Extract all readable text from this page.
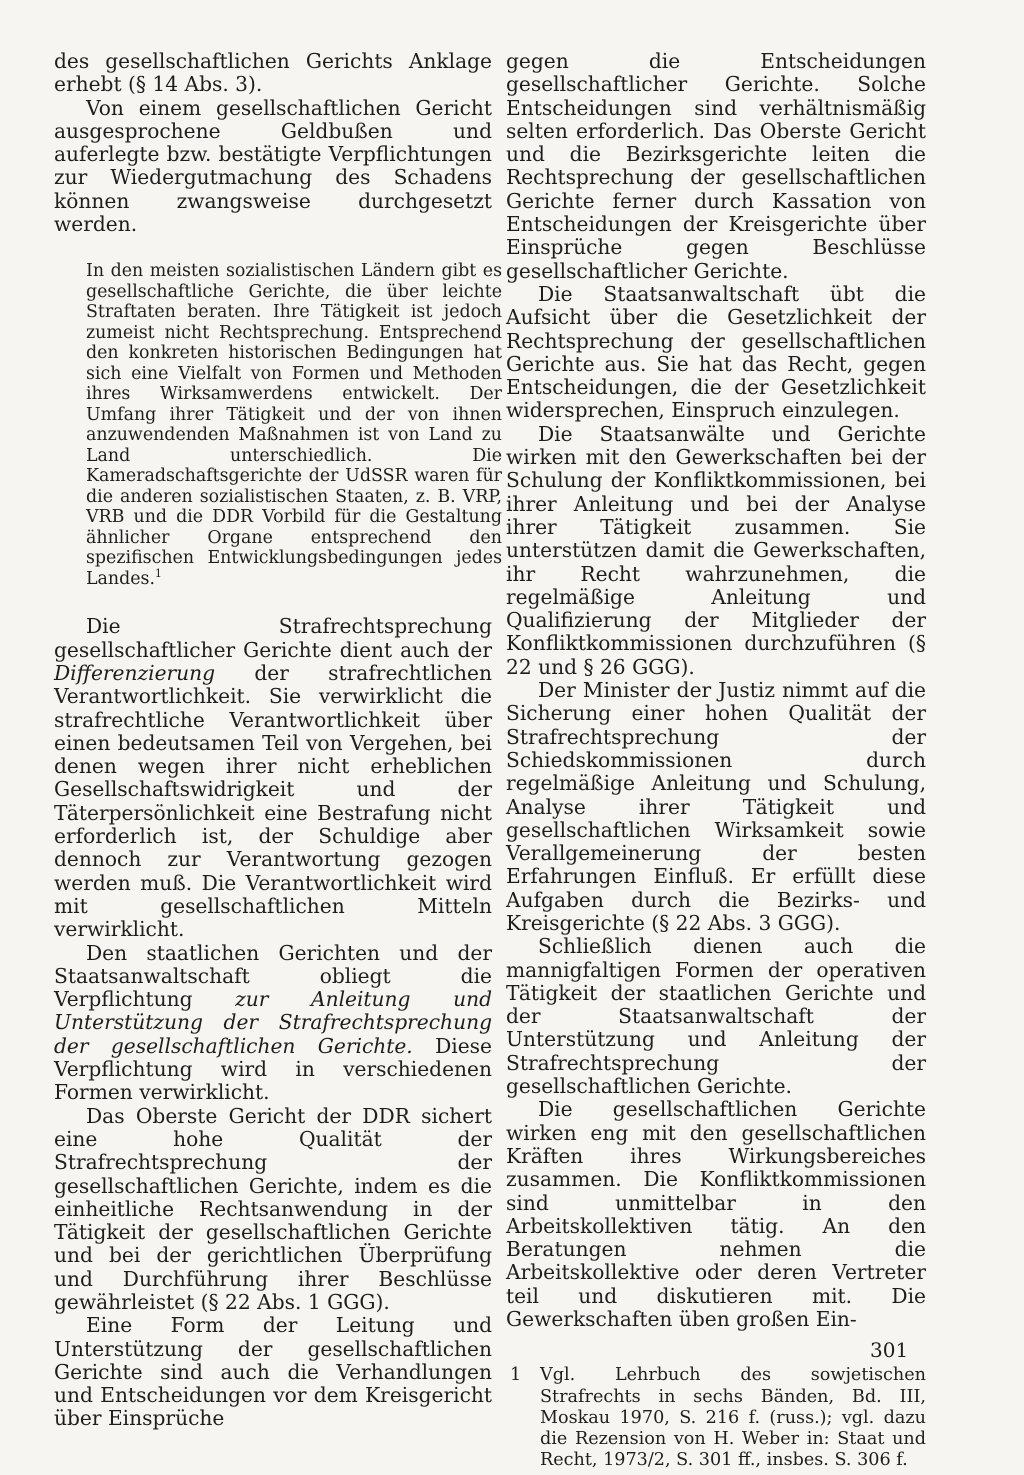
des gesellschaftlichen Gerichts Anklage erhebt (§ 14 Abs. 3).

Von einem gesellschaftlichen Gericht ausgesprochene Geldbußen und auferlegte bzw. bestätigte Verpflichtungen zur Wiedergutmachung des Schadens können zwangsweise durchgesetzt werden.

In den meisten sozialistischen Ländern gibt es gesellschaftliche Gerichte, die über leichte Straftaten beraten. Ihre Tätigkeit ist jedoch zumeist nicht Rechtsprechung. Entsprechend den konkreten historischen Bedingungen hat sich eine Vielfalt von Formen und Methoden ihres Wirksamwerdens entwickelt. Der Umfang ihrer Tätigkeit und der von ihnen anzuwendenden Maßnahmen ist von Land zu Land unterschiedlich. Die Kameradschaftsgerichte der UdSSR waren für die anderen sozialistischen Staaten, z. B. VRP, VRB und die DDR Vorbild für die Gestaltung ähnlicher Organe entsprechend den spezifischen Entwicklungsbedingungen jedes Landes.$^1$

Die Strafrechtsprechung gesellschaftlicher Gerichte dient auch der Differenzierung der strafrechtlichen Verantwortlichkeit. Sie verwirklicht die strafrechtliche Verantwortlichkeit über einen bedeutsamen Teil von Vergehen, bei denen wegen ihrer nicht erheblichen Gesellschaftswidrigkeit und der Täterpersönlichkeit eine Bestrafung nicht erforderlich ist, der Schuldige aber dennoch zur Verantwortung gezogen werden muß. Die Verantwortlichkeit wird mit gesellschaftlichen Mitteln verwirklicht.

Den staatlichen Gerichten und der Staatsanwaltschaft obliegt die Verpflichtung zur Anleitung und Unterstützung der Strafrechtsprechung der gesellschaftlichen Gerichte. Diese Verpflichtung wird in verschiedenen Formen verwirklicht.

Das Oberste Gericht der DDR sichert eine hohe Qualität der Strafrechtsprechung der gesellschaftlichen Gerichte, indem es die einheitliche Rechtsanwendung in der Tätigkeit der gesellschaftlichen Gerichte und bei der gerichtlichen Überprüfung und Durchführung ihrer Beschlüsse gewährleistet (§ 22 Abs. 1 GGG).

Eine Form der Leitung und Unterstützung der gesellschaftlichen Gerichte sind auch die Verhandlungen und Entscheidungen vor dem Kreisgericht über Einsprüche

gegen die Entscheidungen gesellschaftlicher Gerichte. Solche Entscheidungen sind verhältnismäßig selten erforderlich. Das Oberste Gericht und die Bezirksgerichte leiten die Rechtsprechung der gesellschaftlichen Gerichte ferner durch Kassation von Entscheidungen der Kreisgerichte über Einsprüche gegen Beschlüsse gesellschaftlicher Gerichte.

Die Staatsanwaltschaft übt die Aufsicht über die Gesetzlichkeit der Rechtsprechung der gesellschaftlichen Gerichte aus. Sie hat das Recht, gegen Entscheidungen, die der Gesetzlichkeit widersprechen, Einspruch einzulegen.

Die Staatsanwälte und Gerichte wirken mit den Gewerkschaften bei der Schulung der Konfliktkommissionen, bei ihrer Anleitung und bei der Analyse ihrer Tätigkeit zusammen. Sie unterstützen damit die Gewerkschaften, ihr Recht wahrzunehmen, die regelmäßige Anleitung und Qualifizierung der Mitglieder der Konfliktkommissionen durchzuführen (§ 22 und § 26 GGG).

Der Minister der Justiz nimmt auf die Sicherung einer hohen Qualität der Strafrechtsprechung der Schiedskommissionen durch regelmäßige Anleitung und Schulung, Analyse ihrer Tätigkeit und gesellschaftlichen Wirksamkeit sowie Verallgemeinerung der besten Erfahrungen Einfluß. Er erfüllt diese Aufgaben durch die Bezirks- und Kreisgerichte (§ 22 Abs. 3 GGG).

Schließlich dienen auch die mannigfaltigen Formen der operativen Tätigkeit der staatlichen Gerichte und der Staatsanwaltschaft der Unterstützung und Anleitung der Strafrechtsprechung der gesellschaftlichen Gerichte.

Die gesellschaftlichen Gerichte wirken eng mit den gesellschaftlichen Kräften ihres Wirkungsbereiches zusammen. Die Konfliktkommissionen sind unmittelbar in den Arbeitskollektiven tätig. An den Beratungen nehmen die Arbeitskollektive oder deren Vertreter teil und diskutieren mit. Die Gewerkschaften üben großen Ein-

1	Vgl. Lehrbuch des sowjetischen Strafrechts in sechs Bänden, Bd. III, Moskau 1970, S. 216 f. (russ.); vgl. dazu die Rezension von H. Weber in: Staat und Recht, 1973/2, S. 301 ff., insbes. S. 306 f.
301
